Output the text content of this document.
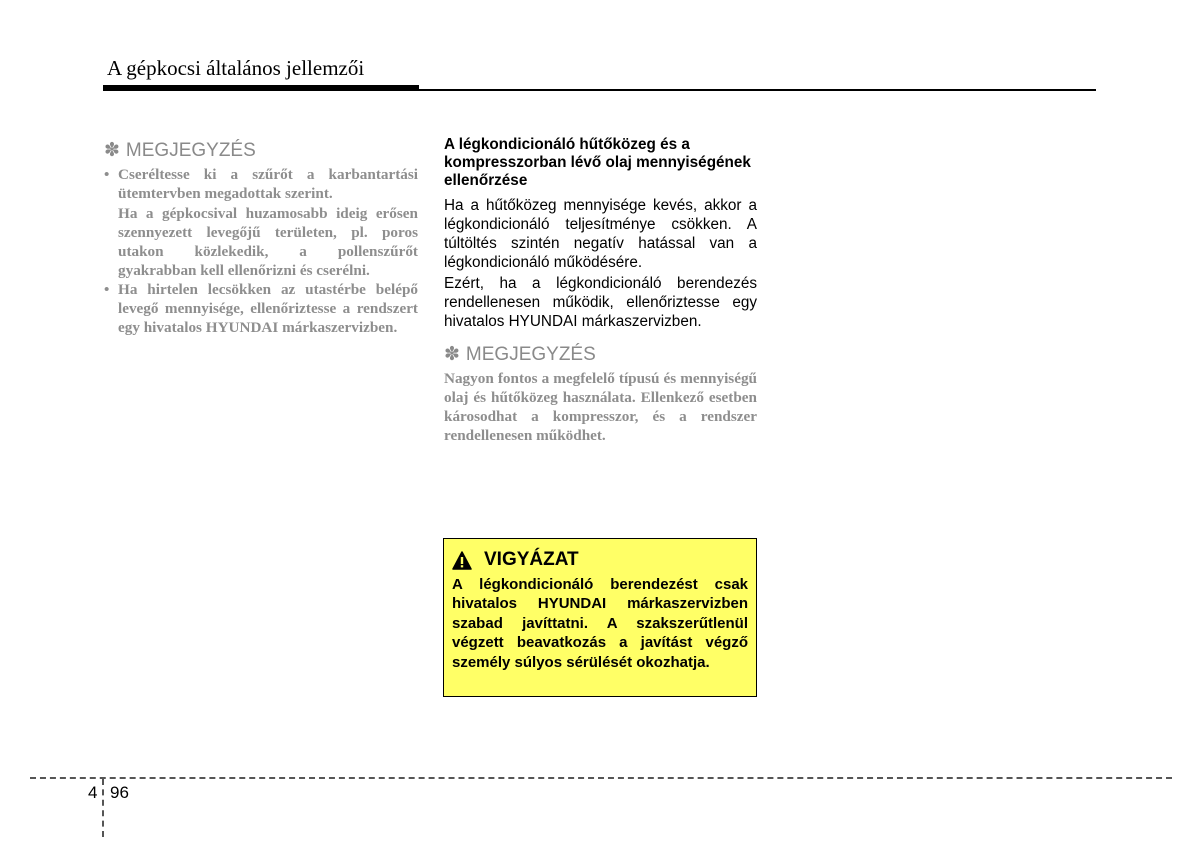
A gépkocsi általános jellemzői
✽ MEGJEGYZÉS
• Cseréltesse ki a szűrőt a karbantartási ütemtervben megadottak szerint.

Ha a gépkocsival huzamosabb ideig erősen szennyezett levegőjű területen, pl. poros utakon közlekedik, a pollenszűrőt gyakrabban kell ellenőrizni és cserélni.

• Ha hirtelen lecsökken az utastérbe belépő levegő mennyisége, ellenőriztesse a rendszert egy hivatalos HYUNDAI márkaszervizben.

A légkondicionáló hűtőközeg és a kompresszorban lévő olaj mennyiségének ellenőrzése

Ha a hűtőközeg mennyisége kevés, akkor a légkondicionáló teljesítménye csökken. A túltöltés szintén negatív hatással van a légkondicionáló működésére.

Ezért, ha a légkondicionáló berendezés rendellenesen működik, ellenőriztesse egy hivatalos HYUNDAI márkaszervizben.

✽ MEGJEGYZÉS

Nagyon fontos a megfelelő típusú és mennyiségű olaj és hűtőközeg használata. Ellenkező esetben károsodhat a kompresszor, és a rendszer rendellenesen működhet.

VIGYÁZAT

A légkondicionáló berendezést csak hivatalos HYUNDAI márkaszervizben szabad javíttatni. A szakszerűtlenül végzett beavatkozás a javítást végző személy súlyos sérülését okozhatja.

4 96
